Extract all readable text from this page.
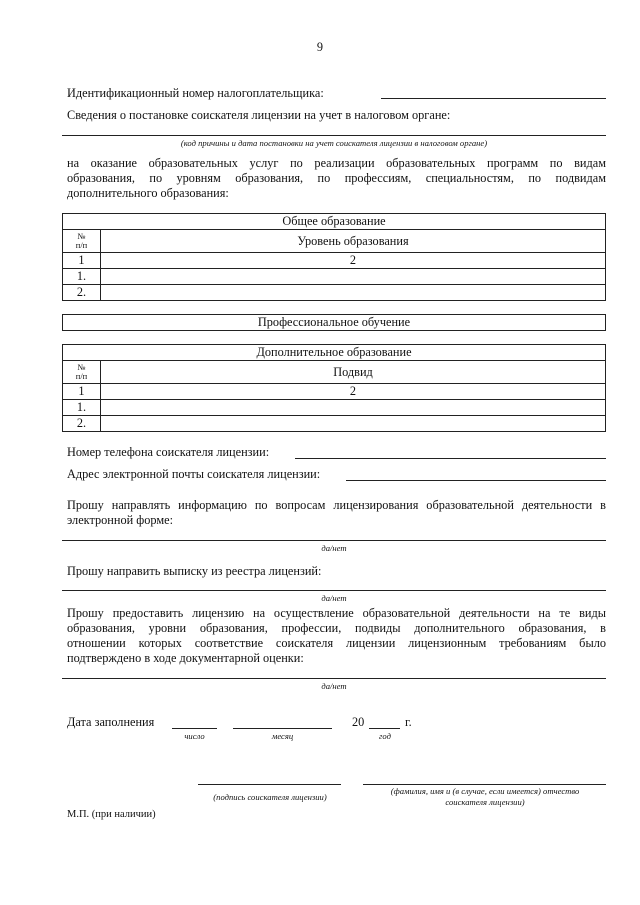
9
Идентификационный номер налогоплательщика:
Сведения о постановке соискателя лицензии на учет в налоговом органе:
(код причины и дата постановки на учет соискателя лицензии в налоговом органе)
на оказание образовательных услуг по реализации образовательных программ по видам
образования, по уровням образования, по профессиям, специальностям, по подвидам
дополнительного образования:
Общее образование	

№
п/п	Уровень образования
1	2
1.	
2.	
Профессиональное обучение
Дополнительное образование	

№
п/п	Подвид
1	2
1.	
2.	
Номер телефона соискателя лицензии:
Адрес электронной почты соискателя лицензии:
Прошу направлять информацию по вопросам лицензирования образовательной деятельности в
электронной форме:
да/нет
Прошу направить выписку из реестра лицензий:
да/нет
Прошу предоставить лицензию на осуществление образовательной деятельности на те виды
образования, уровни образования, профессии, подвиды дополнительного образования, в
отношении которых соответствие соискателя лицензии лицензионным требованиям было
подтверждено в ходе документарной оценки:
да/нет
Дата заполнения	20	г.
число	месяц	год
(подпись соискателя лицензии)
(фамилия, имя и (в случае, если имеется) отчество
соискателя лицензии)
М.П. (при наличии)
